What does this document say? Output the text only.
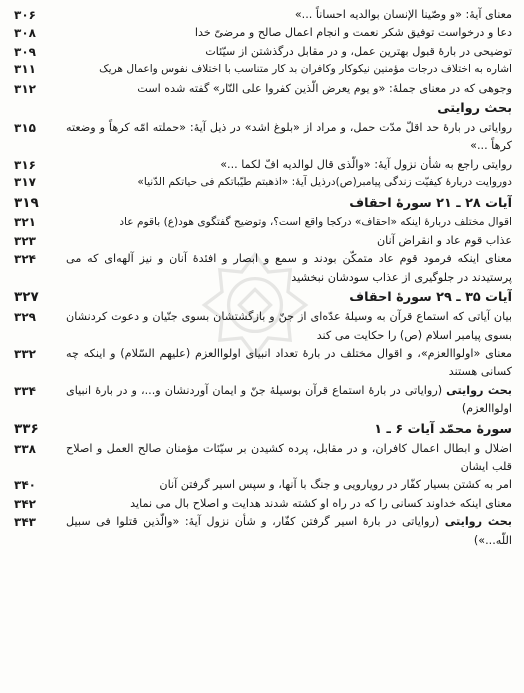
معنای آیهٔ: «و وصّینا الإنسان بوالدیه احساناً ...»
۳۰۶
دعا و درخواست توفیق شکر نعمت و انجام اعمال صالح و مرضیّ خدا
۳۰۸
توضیحی در بارهٔ قبول بهترین عمل، و در مقابل درگذشتن از سیّئات
۳۰۹
اشاره به اختلاف درجات مؤمنین نیکوکار وکافران بد کار متناسب با اختلاف نفوس واعمال هریک
۳۱۱
وجوهی که در معنای جملهٔ: «و یوم یعرض الّذین کفروا علی النّار» گفته شده است
۳۱۲
بحث روایتی
روایاتی در بارهٔ حد اقلّ مدّت حمل، و مراد از «بلوغ اشد» در ذیل آیهٔ: «حملته امّه کرهاً و وضعته کرهاً ...»
۳۱۵
روایتی راجع به شأن نزول آیهٔ: «والّذی قال لوالدیه افّ لکما ...»
۳۱۶
دوروایت دربارهٔ کیفیّت زندگی پیامبر(ص)درذیل آیهٔ: «اذهبتم طیّباتکم فی حیاتکم الدّنیا»
۳۱۷
آیات ۲۸ ـ ۲۱ سورهٔ احقاف
۳۱۹
اقوال مختلف دربارهٔ اینکه «احقاف» درکجا واقع است؟، وتوضیح گفتگوی هود(ع) باقوم عاد
۳۲۱
عذاب قوم عاد و انقراض آنان
۳۲۳
معنای اینکه فرمود قوم عاد متمکّن بودند و سمع و ابصار و افئدهٔ آنان و نیز آلهه‌ای که می پرستیدند در جلوگیری از عذاب سودشان نبخشید
۳۲۴
آیات ۳۵ ـ ۲۹ سورهٔ احقاف
۳۲۷
بیان آیاتی که استماع قرآن به وسیلهٔ عدّه‌ای از جنّ و بازگشتشان بسوی جنّیان و دعوت کردنشان بسوی پیامبر اسلام (ص) را حکایت می کند
۳۲۹
معنای «اولواالعزم»، و اقوال مختلف در بارهٔ تعداد انبیای اولواالعزم (علیهم السّلام) و اینکه چه کسانی هستند
۳۳۲
بحث روایتی (روایاتی در بارهٔ استماع قرآن بوسیلهٔ جنّ و ایمان آوردنشان و...، و در بارهٔ انبیای اولواالعزم)
۳۳۴
سورهٔ محمّد آیات ۶ ـ ۱
۳۳۶
اضلال و ابطال اعمال کافران، و در مقابل، پرده کشیدن بر سیّئات مؤمنان صالح العمل و اصلاح قلب ایشان
۳۳۸
امر به کشتن بسیار کفّار در رویارویی و جنگ با آنها، و سپس اسیر گرفتن آنان
۳۴۰
معنای اینکه خداوند کسانی را که در راه او کشته شدند هدایت و اصلاح بال می نماید
۳۴۲
بحث روایتی (روایاتی در بارهٔ اسیر گرفتن کفّار، و شأن نزول آیهٔ: «والّذین قتلوا فی سبیل اللّه...»)
۳۴۳
